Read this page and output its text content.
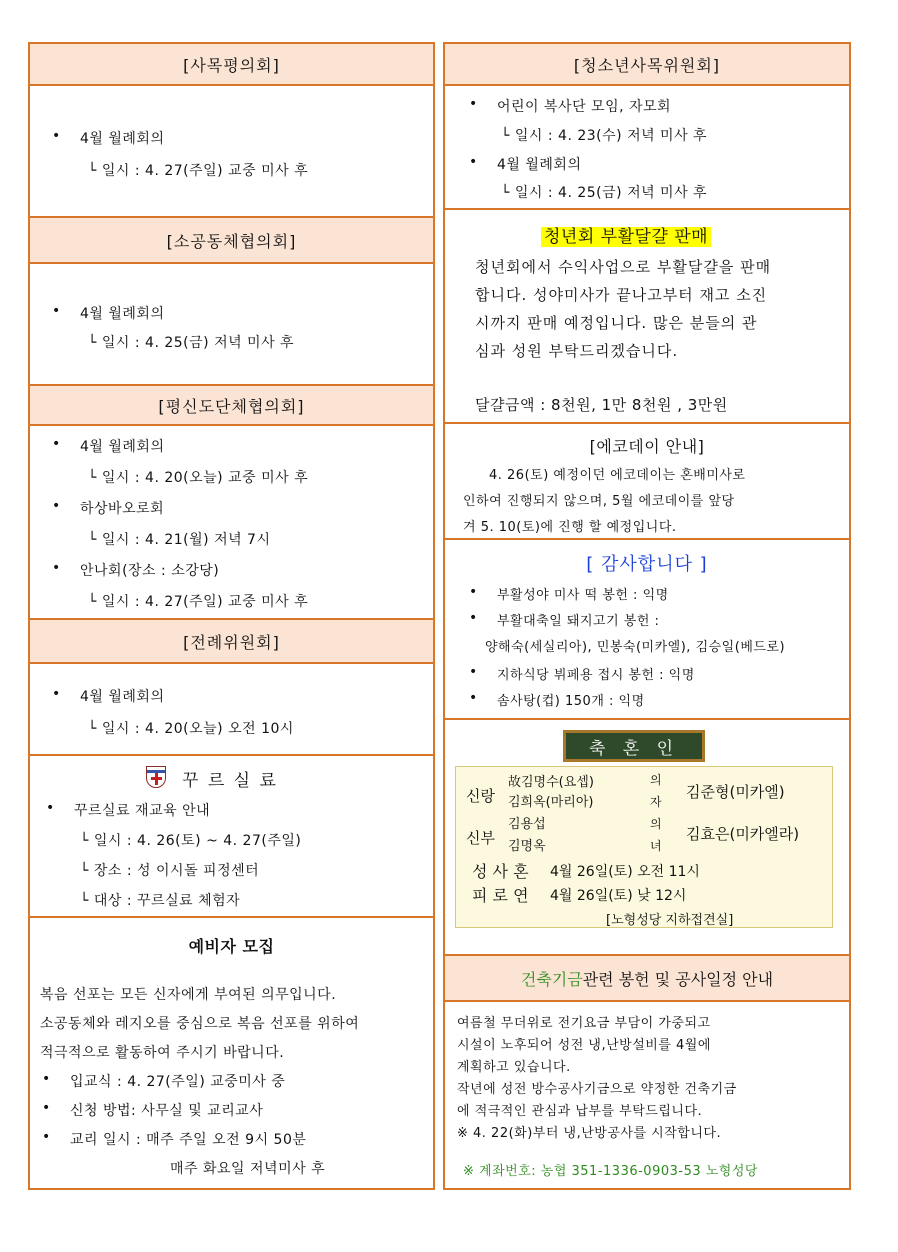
[사목평의회]
• 4월 월례회의
└ 일시 : 4. 27(주일) 교중 미사 후
[소공동체협의회]
• 4월 월례회의
└ 일시 : 4. 25(금) 저녁 미사 후
[평신도단체협의회]
• 4월 월례회의
└ 일시 : 4. 20(오늘) 교중 미사 후
• 하상바오로회
└ 일시 : 4. 21(월) 저녁 7시
• 안나회(장소 : 소강당)
└ 일시 : 4. 27(주일) 교중 미사 후
[전례위원회]
• 4월 월례회의
└ 일시 : 4. 20(오늘) 오전 10시
꾸 르 실 료
• 꾸르실료 재교육 안내
└ 일시 : 4. 26(토) ~ 4. 27(주일)
└ 장소 : 성 이시돌 피정센터
└ 대상 : 꾸르실료 체험자
예비자 모집
복음 선포는 모든 신자에게 부여된 의무입니다.
소공동체와 레지오를 중심으로 복음 선포를 위하여
적극적으로 활동하여 주시기 바랍니다.
• 입교식 : 4. 27(주일) 교중미사 중
• 신청 방법: 사무실 및 교리교사
• 교리 일시 : 매주 주일 오전 9시 50분
매주 화요일 저녁미사 후
[청소년사목위원회]
• 어린이 복사단 모임, 자모회
└ 일시 : 4. 23(수) 저녁 미사 후
• 4월 월례회의
└ 일시 : 4. 25(금) 저녁 미사 후
청년회 부활달걀 판매
청년회에서 수익사업으로 부활달걀을 판매
합니다. 성야미사가 끝나고부터 재고 소진
시까지 판매 예정입니다. 많은 분들의 관
심과 성원 부탁드리겠습니다.
달걀금액 : 8천원, 1만 8천원 , 3만원
[에코데이 안내]
4. 26(토) 예정이던 에코데이는 혼배미사로
인하여 진행되지 않으며, 5월 에코데이를 앞당
겨 5. 10(토)에 진행 할 예정입니다.
[ 감사합니다 ]
• 부활성야 미사 떡 봉헌 : 익명
• 부활대축일 돼지고기 봉헌 :
양해숙(세실리아), 민봉숙(미카엘), 김승일(베드로)
• 지하식당 뷔페용 접시 봉헌 : 익명
• 솜사탕(컵) 150개 : 익명
축 혼 인
신랑
故김명수(요셉)
김희옥(마리아)
의
자
김준형(미카엘)
신부
김용섭
김명옥
의
녀
김효은(미카엘라)
성 사 혼 4월 26일(토) 오전 11시
피 로 연 4월 26일(토) 낮 12시
[노형성당 지하접견실]
건축기금 관련 봉헌 및 공사일정 안내
여름철 무더위로 전기요금 부담이 가중되고
시설이 노후되어 성전 냉,난방설비를 4월에
계획하고 있습니다.
작년에 성전 방수공사기금으로 약정한 건축기금
에 적극적인 관심과 납부를 부탁드립니다.
※ 4. 22(화)부터 냉,난방공사를 시작합니다.
※ 계좌번호: 농협 351-1336-0903-53 노형성당
